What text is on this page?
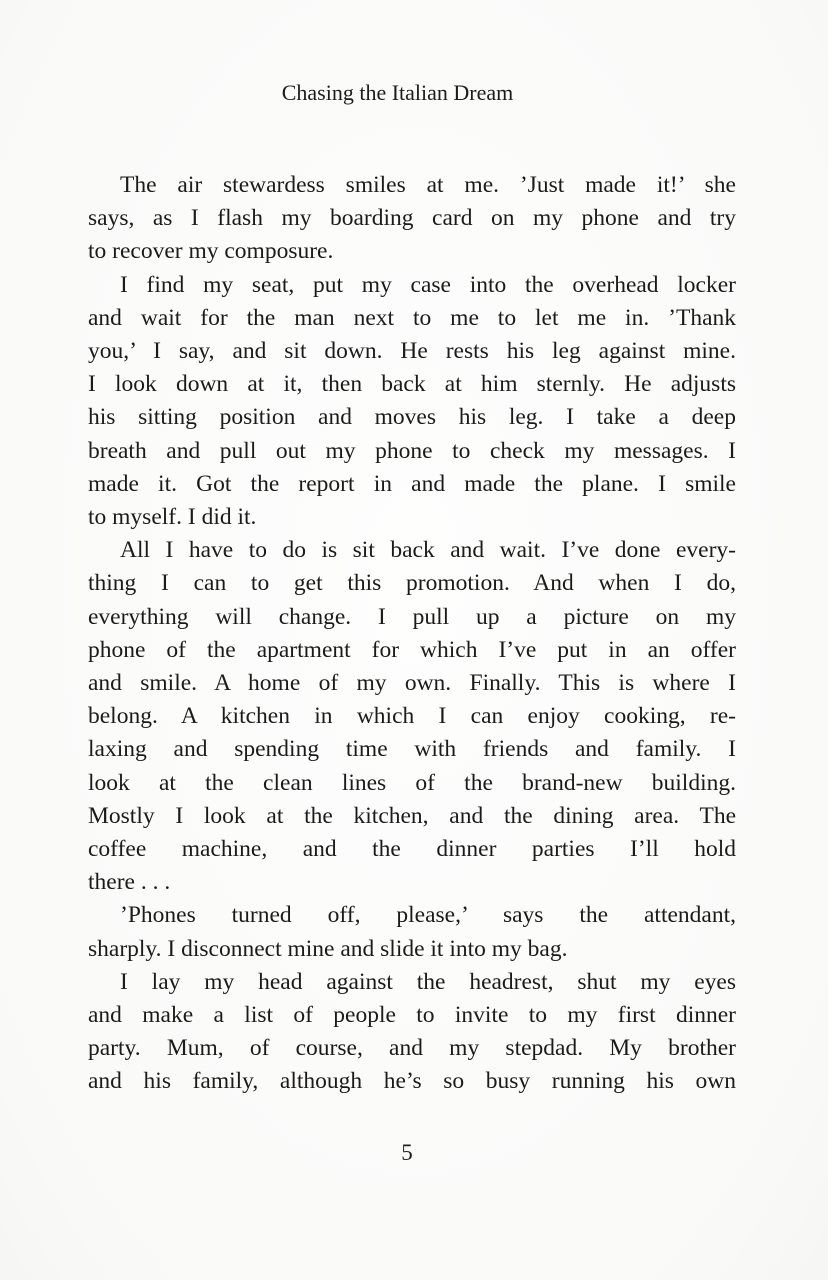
Chasing the Italian Dream
The air stewardess smiles at me. ’Just made it!’ she
says, as I flash my boarding card on my phone and try
to recover my composure.
I find my seat, put my case into the overhead locker
and wait for the man next to me to let me in. ’Thank
you,’ I say, and sit down. He rests his leg against mine.
I look down at it, then back at him sternly. He adjusts
his sitting position and moves his leg. I take a deep
breath and pull out my phone to check my messages. I
made it. Got the report in and made the plane. I smile
to myself. I did it.
All I have to do is sit back and wait. I’ve done every-
thing I can to get this promotion. And when I do,
everything will change. I pull up a picture on my
phone of the apartment for which I’ve put in an offer
and smile. A home of my own. Finally. This is where I
belong. A kitchen in which I can enjoy cooking, re-
laxing and spending time with friends and family. I
look at the clean lines of the brand-new building.
Mostly I look at the kitchen, and the dining area. The
coffee machine, and the dinner parties I’ll hold
there . . .
’Phones turned off, please,’ says the attendant,
sharply. I disconnect mine and slide it into my bag.
I lay my head against the headrest, shut my eyes
and make a list of people to invite to my first dinner
party. Mum, of course, and my stepdad. My brother
and his family, although he’s so busy running his own
5
